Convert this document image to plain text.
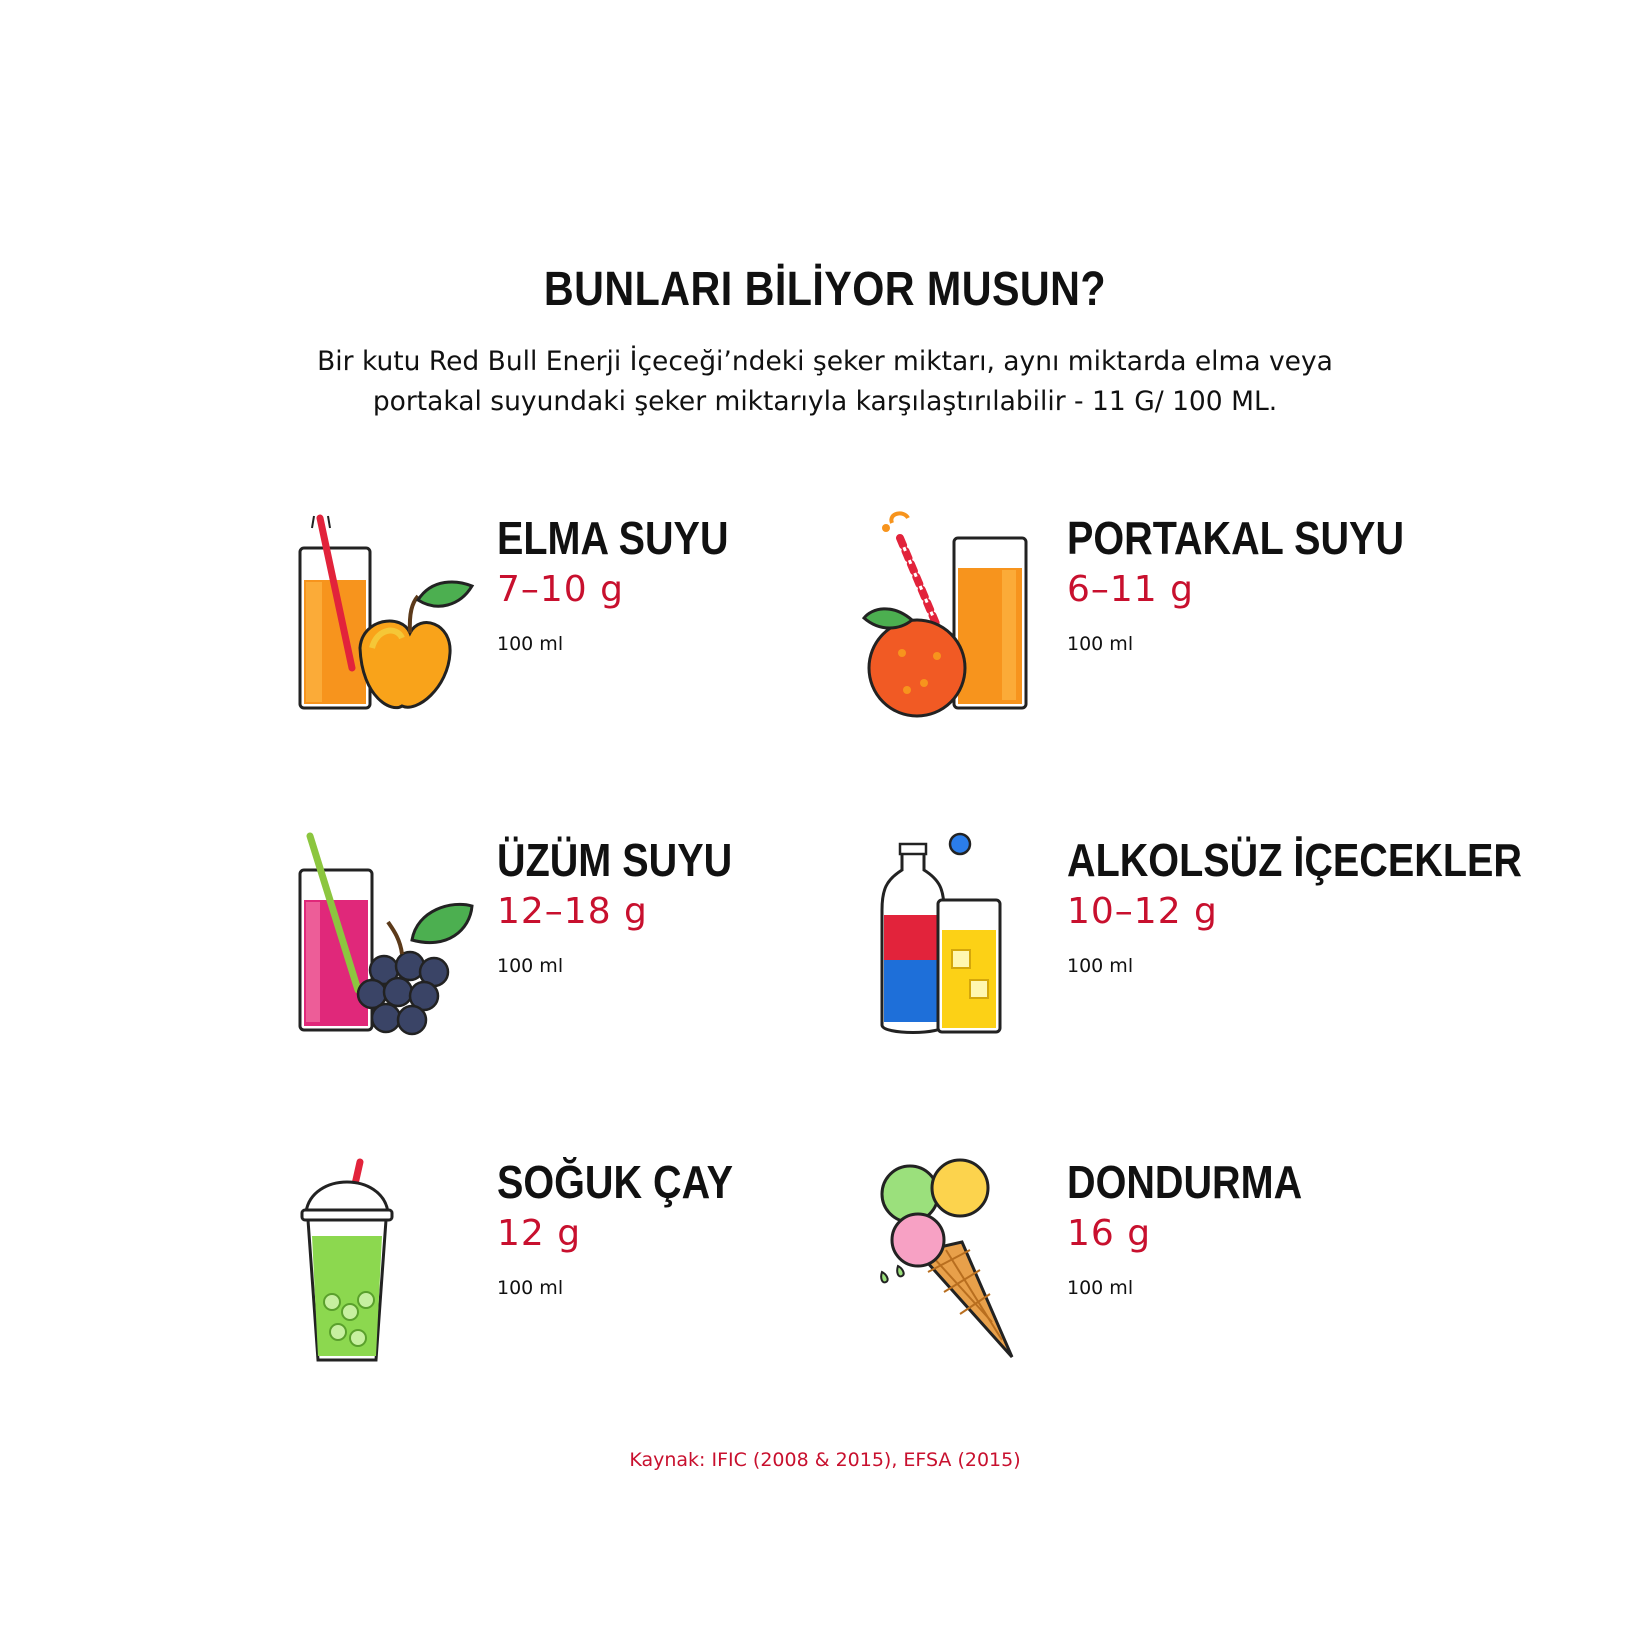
BUNLARI BİLİYOR MUSUN?
Bir kutu Red Bull Enerji İçeceği’ndeki şeker miktarı, aynı miktarda elma veya
portakal suyundaki şeker miktarıyla karşılaştırılabilir - 11 G/ 100 ML.
ELMA SUYU
7–10 g
100 ml
PORTAKAL SUYU
6–11 g
100 ml
ÜZÜM SUYU
12–18 g
100 ml
ALKOLSÜZ İÇECEKLER
10–12 g
100 ml
SOĞUK ÇAY
12 g
100 ml
DONDURMA
16 g
100 ml
Kaynak: IFIC (2008 & 2015), EFSA (2015)
